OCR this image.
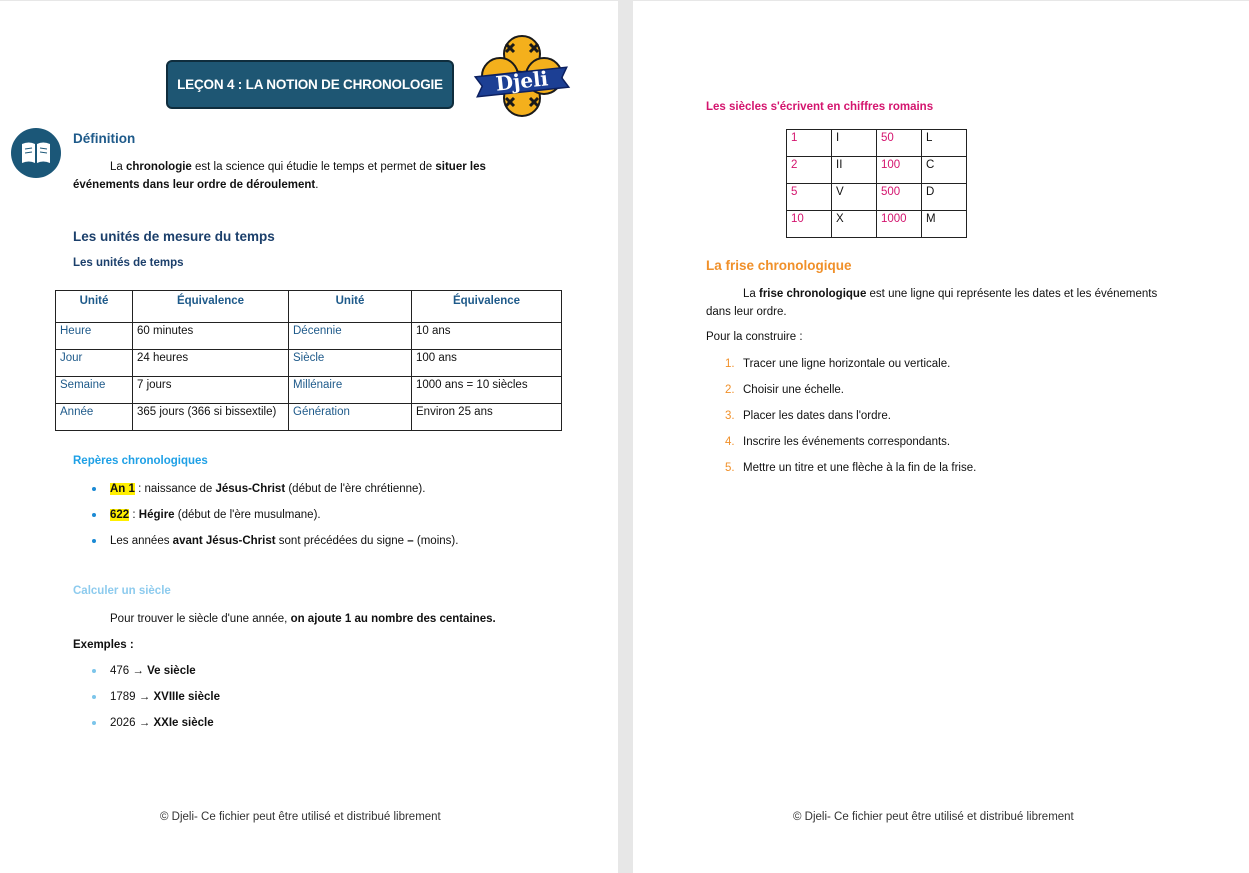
LEÇON 4 : LA NOTION DE CHRONOLOGIE	Djeli
Définition
La chronologie est la science qui étudie le temps et permet de situer les
événements dans leur ordre de déroulement.
Les unités de mesure du temps
Les unités de temps
Unité	Équivalence	Unité	Équivalence
Heure	60 minutes	Décennie	10 ans
Jour	24 heures	Siècle	100 ans
Semaine	7 jours	Millénaire	1000 ans = 10 siècles
Année	365 jours (366 si bissextile)	Génération	Environ 25 ans
Repères chronologiques
An 1 : naissance de Jésus-Christ (début de l'ère chrétienne).
622 : Hégire (début de l'ère musulmane).
Les années avant Jésus-Christ sont précédées du signe – (moins).
Calculer un siècle
Pour trouver le siècle d'une année, on ajoute 1 au nombre des centaines.
Exemples :
476 → Ve siècle
1789 → XVIIIe siècle
2026 → XXIe siècle
© Djeli- Ce fichier peut être utilisé et distribué librement
Les siècles s'écrivent en chiffres romains
1	I	50	L
2	II	100	C
5	V	500	D
10	X	1000	M
La frise chronologique
La frise chronologique est une ligne qui représente les dates et les événements
dans leur ordre.
Pour la construire :
1. Tracer une ligne horizontale ou verticale.
2. Choisir une échelle.
3. Placer les dates dans l'ordre.
4. Inscrire les événements correspondants.
5. Mettre un titre et une flèche à la fin de la frise.
© Djeli- Ce fichier peut être utilisé et distribué librement
